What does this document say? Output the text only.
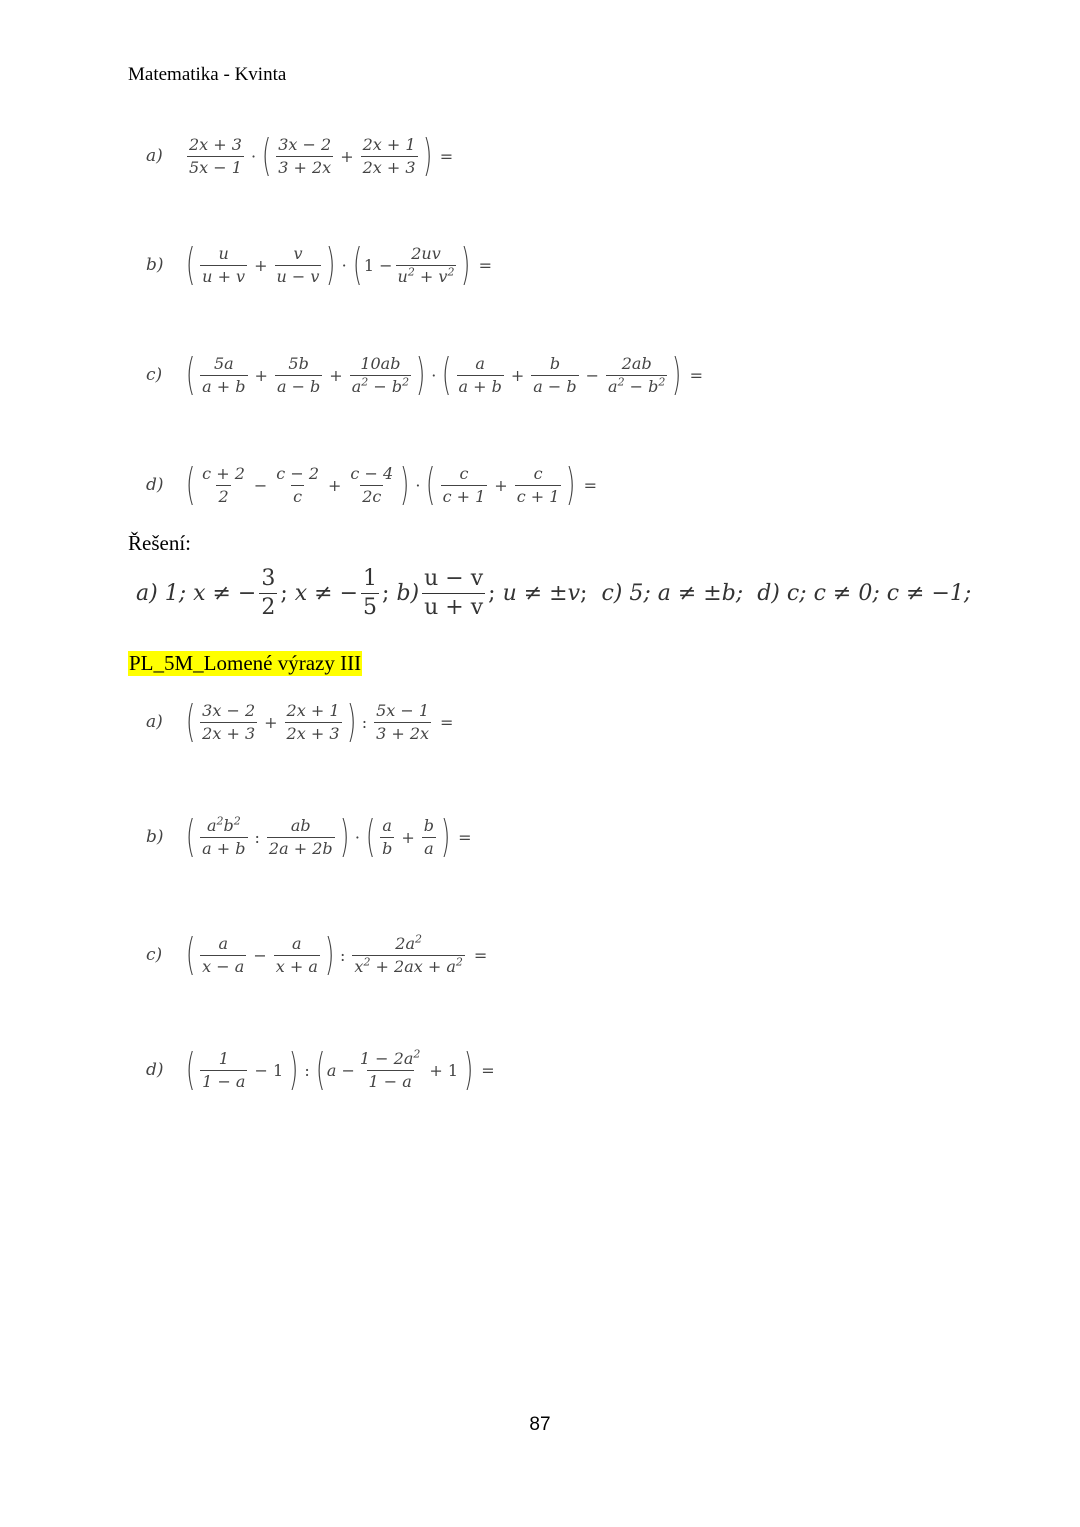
Matematika - Kvinta
$a) \frac{2x + 3}{5x - 1}$ · ( $\frac{3x - 2}{3 + 2x} + \frac{2x + 1}{2x + 3}$ ) =
b) ( $\frac{u}{u + v} + \frac{v}{u - v}$ ) · ( $1 - \frac{2uv}{u^2 + v^2}$ ) =
c) ( $\frac{5a}{a + b} + \frac{5b}{a - b} + \frac{10ab}{a^2 - b^2}$ ) · ( $\frac{a}{a + b} + \frac{b}{a - b} - \frac{2ab}{a^2 - b^2}$ ) =
d) ( $\frac{c + 2}{2} - \frac{c - 2}{c} + \frac{c - 4}{2c}$ ) · ( $\frac{c}{c + 1} + \frac{c}{c + 1}$ ) =
Řešení:
a) 1; x ≠ − $\frac{3}{2}$ ; x ≠ − $\frac{1}{5}$ ; $b) \frac{u - v}{u + v}$ ; u ≠ ±v; c) 5; a ≠ ±b;
d) c; c ≠ 0; c ≠ −1;
PL_5M_Lomené výrazy III
a) ( $\frac{3x - 2}{2x + 3} + \frac{2x + 1}{2x + 3}$ ) : $\frac{5x - 1}{3 + 2x}$ =
b) ( $\frac{a^2b^2}{a + b}$ : $\frac{ab}{2a + 2b}$ ) · ( $\frac{a}{b} + \frac{b}{a}$ ) =
c) ( $\frac{a}{x - a} - \frac{a}{x + a}$ ) : $\frac{2a^2}{x^2 + 2ax + a^2}$ =
d) ( $\frac{1}{1 - a} - 1$ ) : ( $a - \frac{1 - 2a^2}{1 - a} + 1$ ) =
87
